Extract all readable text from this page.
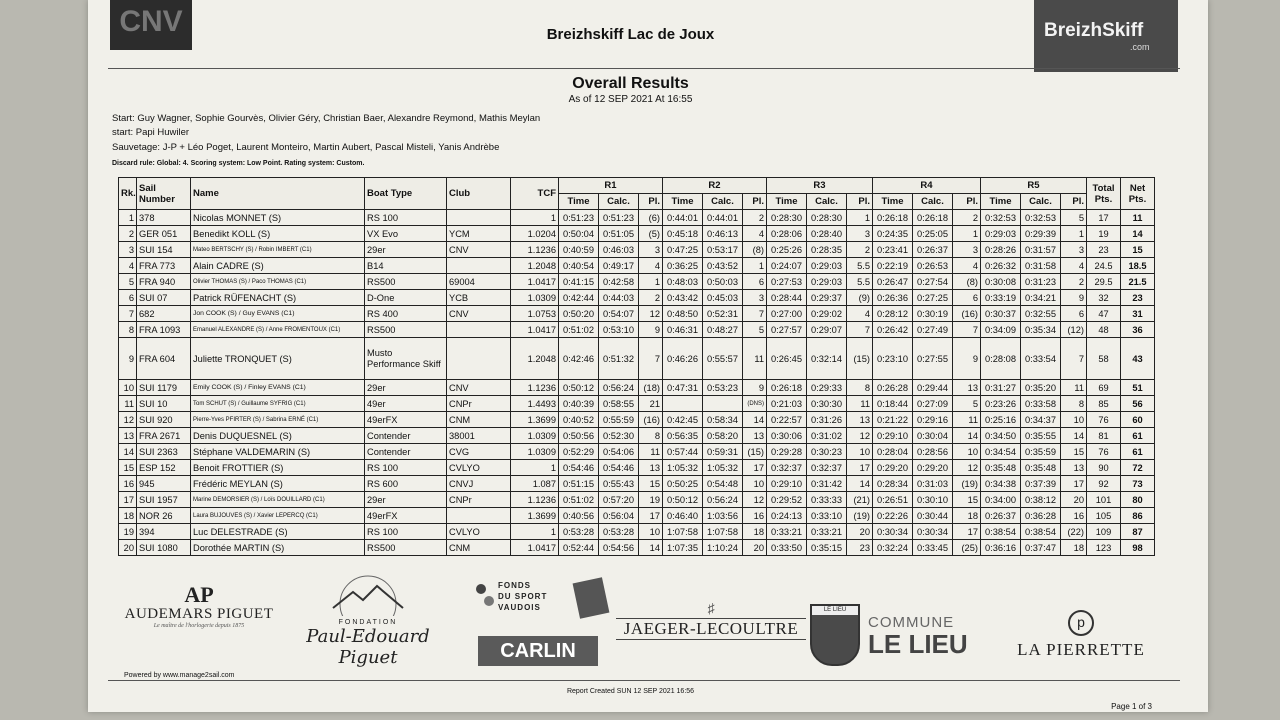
CNV	Breizhskiff Lac de Joux	BreizhSkiff
.com
Overall Results
As of 12 SEP 2021 At 16:55
Start: Guy Wagner, Sophie Gourvès, Olivier Géry, Christian Baer, Alexandre Reymond, Mathis Meylan
start: Papi Huwiler
Sauvetage: J-P + Léo Poget, Laurent Monteiro, Martin Aubert, Pascal Misteli, Yanis Andrèbe
Discard rule: Global: 4. Scoring system: Low Point. Rating system: Custom.
Rk.	Sail Number	Name	Boat Type	Club	TCF	R1			R2			R3			R4			R5			Total Pts.	Net Pts.
						Time	Calc.	Pl.	Time	Calc.	Pl.	Time	Calc.	Pl.	Time	Calc.	Pl.	Time	Calc.	Pl.		
1	378	Nicolas MONNET (S)	RS 100		1	0:51:23	0:51:23	(6)	0:44:01	0:44:01	2	0:28:30	0:28:30	1	0:26:18	0:26:18	2	0:32:53	0:32:53	5	17	11
2	GER 051	Benedikt KOLL (S)	VX Evo	YCM	1.0204	0:50:04	0:51:05	(5)	0:45:18	0:46:13	4	0:28:06	0:28:40	3	0:24:35	0:25:05	1	0:29:03	0:29:39	1	19	14
3	SUI 154	Mateo BERTSCHY (S) / Robin IMBERT (C1)	29er	CNV	1.1236	0:40:59	0:46:03	3	0:47:25	0:53:17	(8)	0:25:26	0:28:35	2	0:23:41	0:26:37	3	0:28:26	0:31:57	3	23	15
4	FRA 773	Alain CADRE (S)	B14		1.2048	0:40:54	0:49:17	4	0:36:25	0:43:52	1	0:24:07	0:29:03	5.5	0:22:19	0:26:53	4	0:26:32	0:31:58	4	24.5	18.5
5	FRA 940	Olivier THOMAS (S) / Paco THOMAS (C1)	RS500	69004	1.0417	0:41:15	0:42:58	1	0:48:03	0:50:03	6	0:27:53	0:29:03	5.5	0:26:47	0:27:54	(8)	0:30:08	0:31:23	2	29.5	21.5
6	SUI 07	Patrick RÜFENACHT (S)	D-One	YCB	1.0309	0:42:44	0:44:03	2	0:43:42	0:45:03	3	0:28:44	0:29:37	(9)	0:26:36	0:27:25	6	0:33:19	0:34:21	9	32	23
7	682	Jon COOK (S) / Guy EVANS (C1)	RS 400	CNV	1.0753	0:50:20	0:54:07	12	0:48:50	0:52:31	7	0:27:00	0:29:02	4	0:28:12	0:30:19	(16)	0:30:37	0:32:55	6	47	31
8	FRA 1093	Emanuel ALEXANDRE (S) / Anne FROMENTOUX (C1)	RS500		1.0417	0:51:02	0:53:10	9	0:46:31	0:48:27	5	0:27:57	0:29:07	7	0:26:42	0:27:49	7	0:34:09	0:35:34	(12)	48	36
9	FRA 604	Juliette TRONQUET (S)	Musto Performance Skiff		1.2048	0:42:46	0:51:32	7	0:46:26	0:55:57	11	0:26:45	0:32:14	(15)	0:23:10	0:27:55	9	0:28:08	0:33:54	7	58	43
10	SUI 1179	Emily COOK (S) / Finley EVANS (C1)	29er	CNV	1.1236	0:50:12	0:56:24	(18)	0:47:31	0:53:23	9	0:26:18	0:29:33	8	0:26:28	0:29:44	13	0:31:27	0:35:20	11	69	51
11	SUI 10	Tom SCHUT (S) / Guillaume SYFRIG (C1)	49er	CNPr	1.4493	0:40:39	0:58:55	21			(DNS)	0:21:03	0:30:30	11	0:18:44	0:27:09	5	0:23:26	0:33:58	8	85	56
12	SUI 920	Pierre-Yves PFIRTER (S) / Sabrina ERNÉ (C1)	49erFX	CNM	1.3699	0:40:52	0:55:59	(16)	0:42:45	0:58:34	14	0:22:57	0:31:26	13	0:21:22	0:29:16	11	0:25:16	0:34:37	10	76	60
13	FRA 2671	Denis DUQUESNEL (S)	Contender	38001	1.0309	0:50:56	0:52:30	8	0:56:35	0:58:20	13	0:30:06	0:31:02	12	0:29:10	0:30:04	14	0:34:50	0:35:55	14	81	61
14	SUI 2363	Stéphane VALDEMARIN (S)	Contender	CVG	1.0309	0:52:29	0:54:06	11	0:57:44	0:59:31	(15)	0:29:28	0:30:23	10	0:28:04	0:28:56	10	0:34:54	0:35:59	15	76	61
15	ESP 152	Benoit FROTTIER (S)	RS 100	CVLYO	1	0:54:46	0:54:46	13	1:05:32	1:05:32	17	0:32:37	0:32:37	17	0:29:20	0:29:20	12	0:35:48	0:35:48	13	90	72
16	945	Frédéric MEYLAN (S)	RS 600	CNVJ	1.087	0:51:15	0:55:43	15	0:50:25	0:54:48	10	0:29:10	0:31:42	14	0:28:34	0:31:03	(19)	0:34:38	0:37:39	17	92	73
17	SUI 1957	Marine DEMORSIER (S) / Loïs DOUILLARD (C1)	29er	CNPr	1.1236	0:51:02	0:57:20	19	0:50:12	0:56:24	12	0:29:52	0:33:33	(21)	0:26:51	0:30:10	15	0:34:00	0:38:12	20	101	80
18	NOR 26	Laura BUJOUVES (S) / Xavier LEPERCQ (C1)	49erFX		1.3699	0:40:56	0:56:04	17	0:46:40	1:03:56	16	0:24:13	0:33:10	(19)	0:22:26	0:30:44	18	0:26:37	0:36:28	16	105	86
19	394	Luc DELESTRADE (S)	RS 100	CVLYO	1	0:53:28	0:53:28	10	1:07:58	1:07:58	18	0:33:21	0:33:21	20	0:30:34	0:30:34	17	0:38:54	0:38:54	(22)	109	87
20	SUI 1080	Dorothée MARTIN (S)	RS500	CNM	1.0417	0:52:44	0:54:56	14	1:07:35	1:10:24	20	0:33:50	0:35:15	23	0:32:24	0:33:45	(25)	0:36:16	0:37:47	18	123	98
AP
AUDEMARS PIGUET
Le maître de l'horlogerie depuis 1875	FONDATION
Paul-Edouard Piguet
FONDS
DU SPORT
VAUDOIS
CARLIN
♯
JAEGER-LECOULTRE
LE LIEU
COMMUNE
LE LIEU
p
LA PIERRETTE
Powered by www.manage2sail.com
Report Created SUN 12 SEP 2021 16:56
Page 1 of 3
